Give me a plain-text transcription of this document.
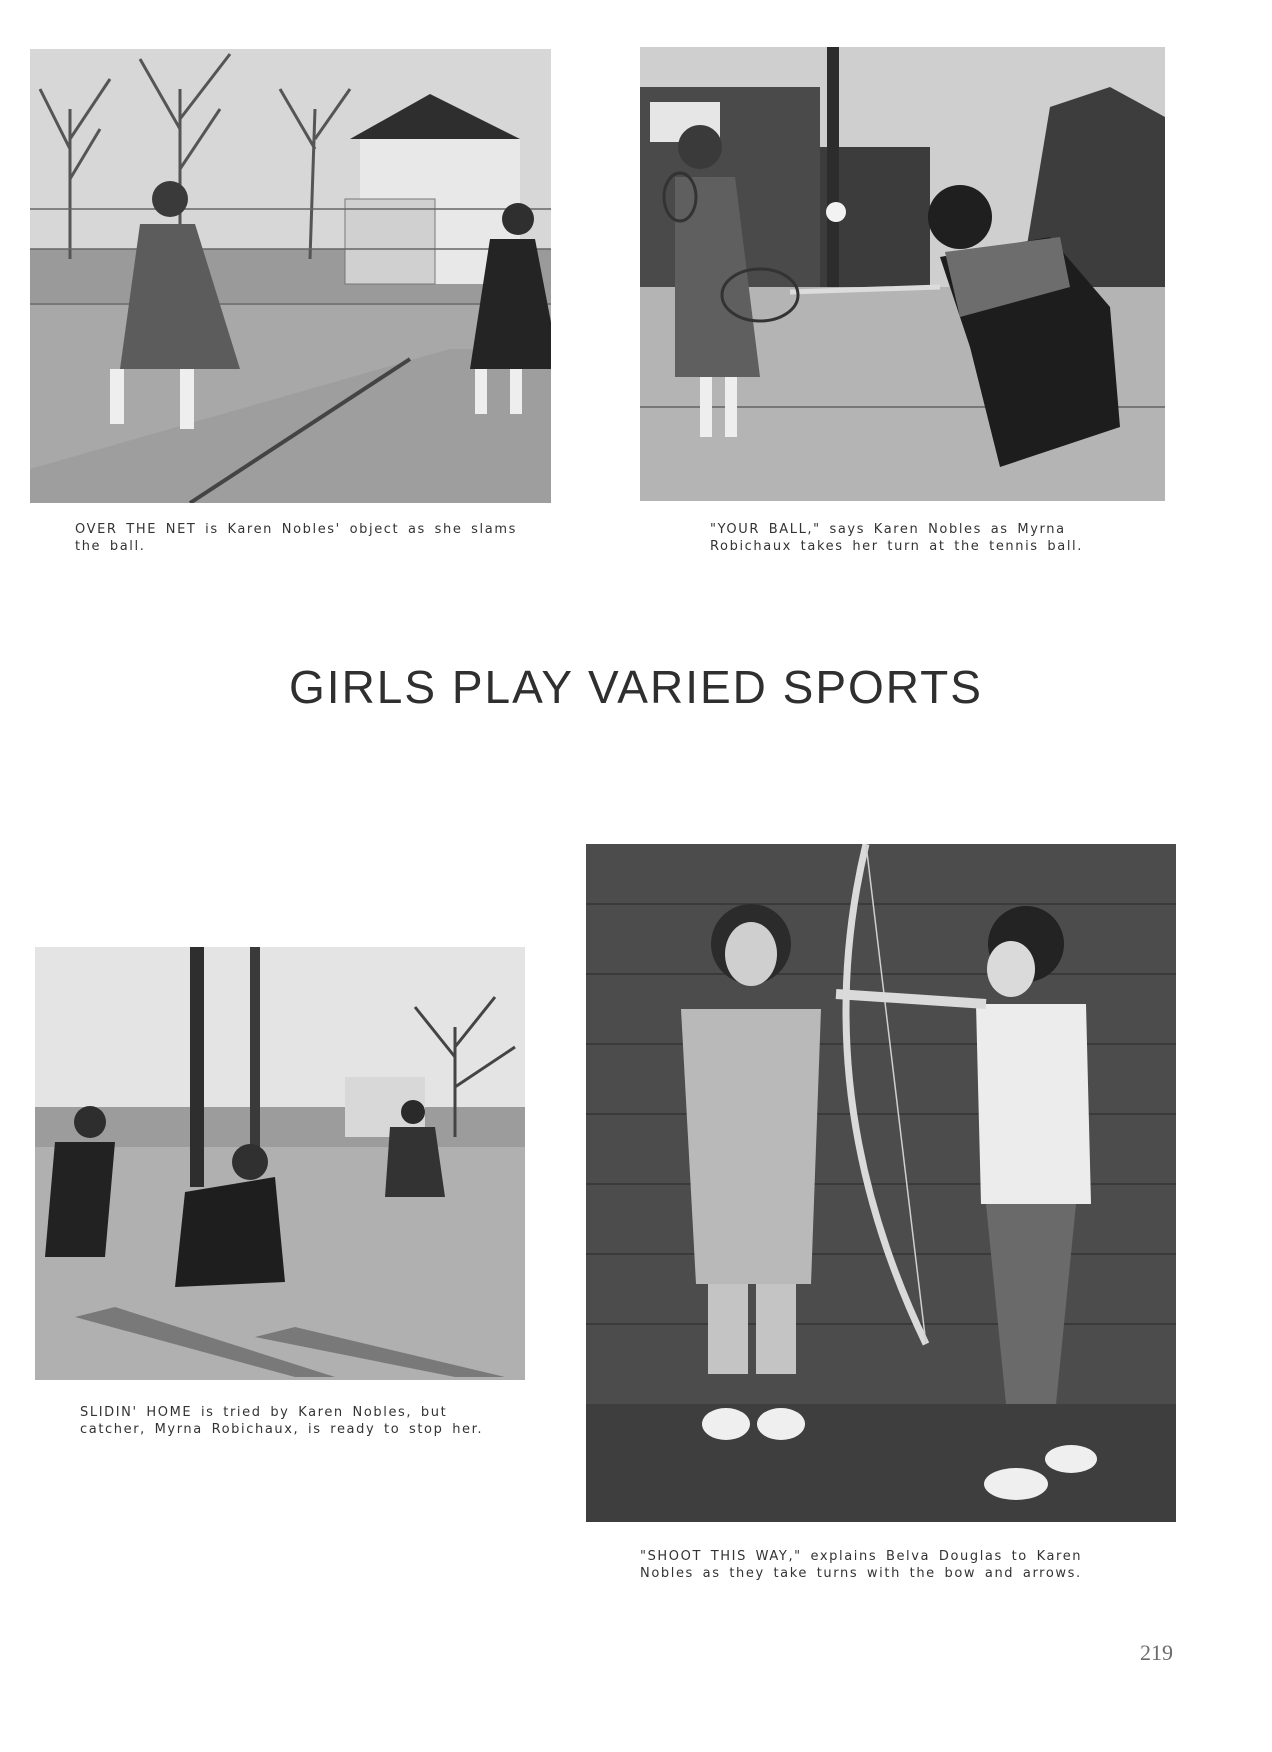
OVER THE NET is Karen Nobles' object as she slams the ball.

"YOUR BALL," says Karen Nobles as Myrna Robichaux takes her turn at the tennis ball.

GIRLS PLAY VARIED SPORTS

SLIDIN' HOME is tried by Karen Nobles, but catcher, Myrna Robichaux, is ready to stop her.

"SHOOT THIS WAY," explains Belva Douglas to Karen Nobles as they take turns with the bow and arrows.

219
